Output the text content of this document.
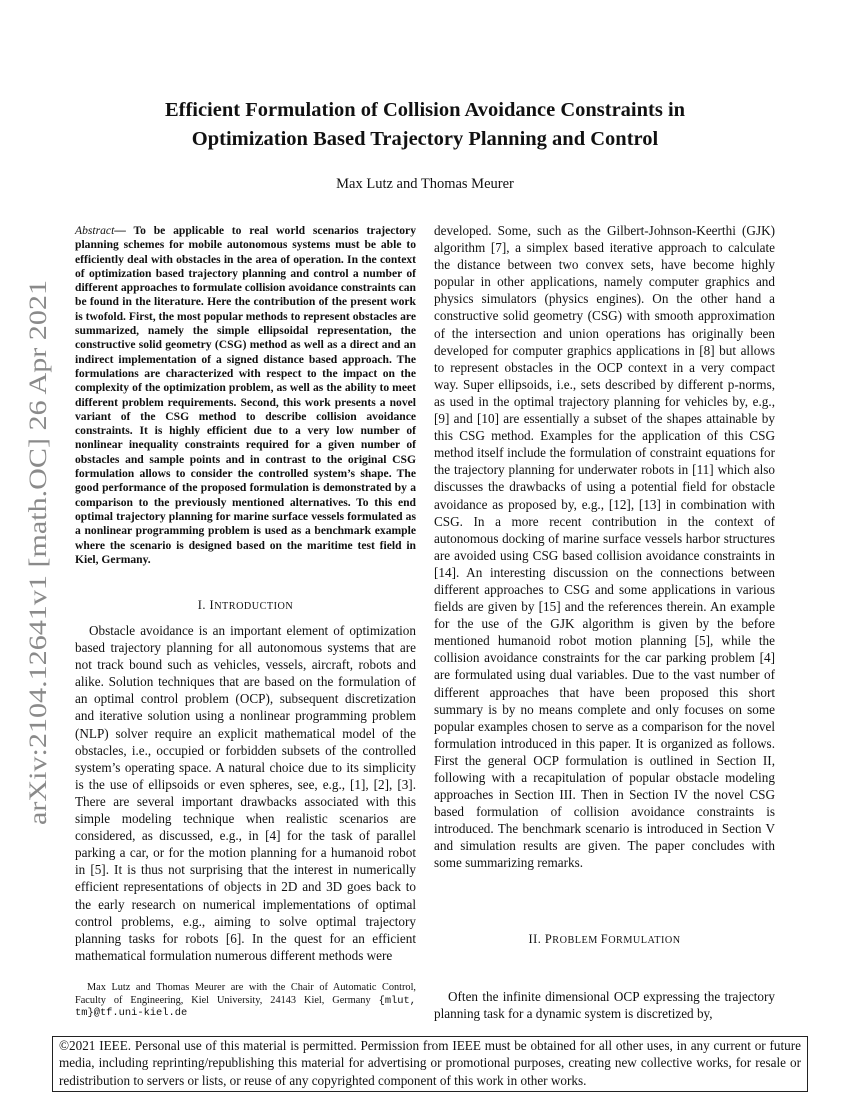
arXiv:2104.12641v1 [math.OC] 26 Apr 2021
Efficient Formulation of Collision Avoidance Constraints in
Optimization Based Trajectory Planning and Control
Max Lutz and Thomas Meurer
Abstract— To be applicable to real world scenarios trajectory planning schemes for mobile autonomous systems must be able to efficiently deal with obstacles in the area of operation. In the context of optimization based trajectory planning and control a number of different approaches to formulate collision avoidance constraints can be found in the literature. Here the contribution of the present work is twofold. First, the most popular methods to represent obstacles are summarized, namely the simple ellipsoidal representation, the constructive solid geometry (CSG) method as well as a direct and an indirect implementation of a signed distance based approach. The formulations are characterized with respect to the impact on the complexity of the optimization problem, as well as the ability to meet different problem requirements. Second, this work presents a novel variant of the CSG method to describe collision avoidance constraints. It is highly efficient due to a very low number of nonlinear inequality constraints required for a given number of obstacles and sample points and in contrast to the original CSG formulation allows to consider the controlled system’s shape. The good performance of the proposed formulation is demonstrated by a comparison to the previously mentioned alternatives. To this end optimal trajectory planning for marine surface vessels formulated as a nonlinear programming problem is used as a benchmark example where the scenario is designed based on the maritime test field in Kiel, Germany.
I. INTRODUCTION

Obstacle avoidance is an important element of optimization based trajectory planning for all autonomous systems that are not track bound such as vehicles, vessels, aircraft, robots and alike. Solution techniques that are based on the formulation of an optimal control problem (OCP), subsequent discretization and iterative solution using a nonlinear programming problem (NLP) solver require an explicit mathematical model of the obstacles, i.e., occupied or forbidden subsets of the controlled system’s operating space. A natural choice due to its simplicity is the use of ellipsoids or even spheres, see, e.g., [1], [2], [3]. There are several important drawbacks associated with this simple modeling technique when realistic scenarios are considered, as discussed, e.g., in [4] for the task of parallel parking a car, or for the motion planning for a humanoid robot in [5]. It is thus not surprising that the interest in numerically efficient representations of objects in 2D and 3D goes back to the early research on numerical implementations of optimal control problems, e.g., aiming to solve optimal trajectory planning tasks for robots [6]. In the quest for an efficient mathematical formulation numerous different methods were

developed. Some, such as the Gilbert-Johnson-Keerthi (GJK) algorithm [7], a simplex based iterative approach to calculate the distance between two convex sets, have become highly popular in other applications, namely computer graphics and physics simulators (physics engines). On the other hand a constructive solid geometry (CSG) with smooth approximation of the intersection and union operations has originally been developed for computer graphics applications in [8] but allows to represent obstacles in the OCP context in a very compact way. Super ellipsoids, i.e., sets described by different p-norms, as used in the optimal trajectory planning for vehicles by, e.g., [9] and [10] are essentially a subset of the shapes attainable by this CSG method. Examples for the application of this CSG method itself include the formulation of constraint equations for the trajectory planning for underwater robots in [11] which also discusses the drawbacks of using a potential field for obstacle avoidance as proposed by, e.g., [12], [13] in combination with CSG. In a more recent contribution in the context of autonomous docking of marine surface vessels harbor structures are avoided using CSG based collision avoidance constraints in [14]. An interesting discussion on the connections between different approaches to CSG and some applications in various fields are given by [15] and the references therein. An example for the use of the GJK algorithm is given by the before mentioned humanoid robot motion planning [5], while the collision avoidance constraints for the car parking problem [4] are formulated using dual variables. Due to the vast number of different approaches that have been proposed this short summary is by no means complete and only focuses on some popular examples chosen to serve as a comparison for the novel formulation introduced in this paper. It is organized as follows. First the general OCP formulation is outlined in Section II, following with a recapitulation of popular obstacle modeling approaches in Section III. Then in Section IV the novel CSG based formulation of collision avoidance constraints is introduced. The benchmark scenario is introduced in Section V and simulation results are given. The paper concludes with some summarizing remarks.

II. PROBLEM FORMULATION

Often the infinite dimensional OCP expressing the trajectory planning task for a dynamic system is discretized by,

Max Lutz and Thomas Meurer are with the Chair of Automatic Control, Faculty of Engineering, Kiel University, 24143 Kiel, Germany {mlut, tm}@tf.uni-kiel.de

©2021 IEEE. Personal use of this material is permitted. Permission from IEEE must be obtained for all other uses, in any current or future media, including reprinting/republishing this material for advertising or promotional purposes, creating new collective works, for resale or redistribution to servers or lists, or reuse of any copyrighted component of this work in other works.
